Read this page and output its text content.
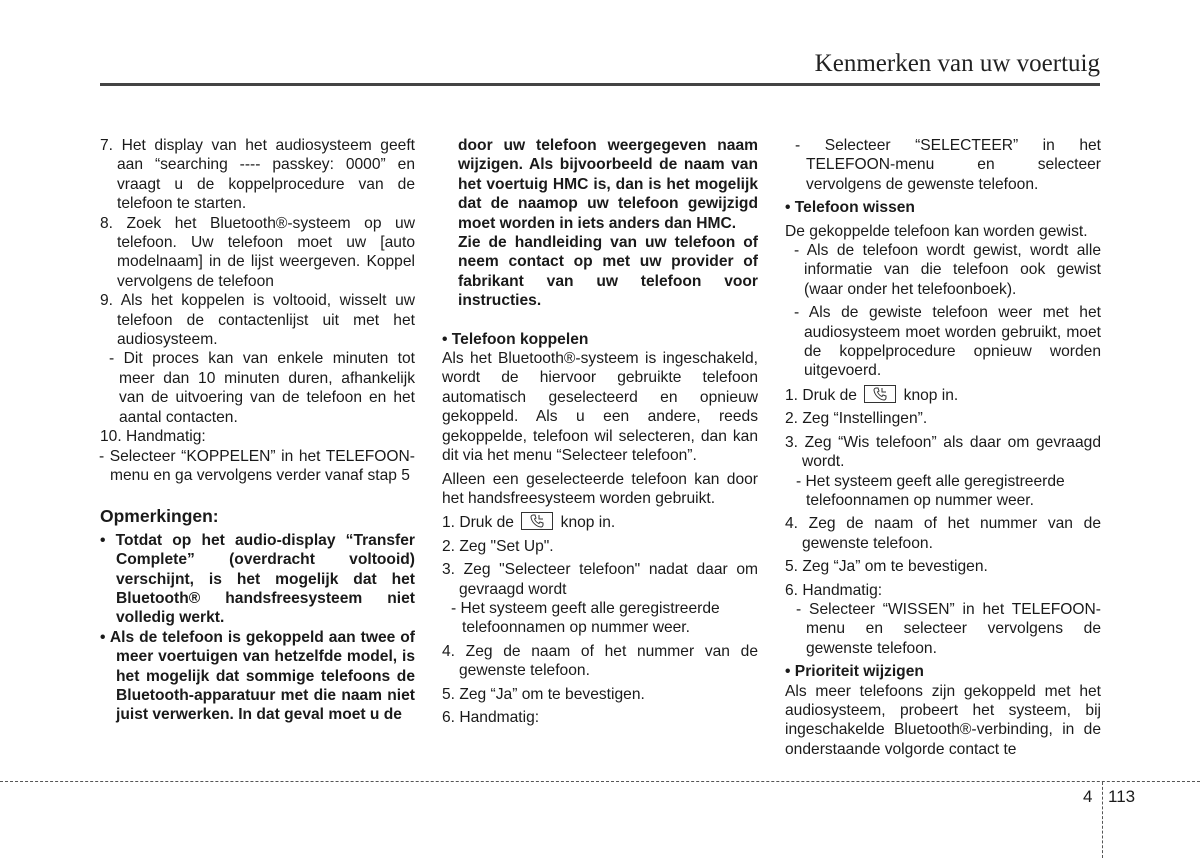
Kenmerken van uw voertuig

7. Het display van het audiosysteem geeft aan “searching ---- passkey: 0000” en vraagt u de koppelprocedure van de telefoon te starten.

8. Zoek het Bluetooth®-systeem op uw telefoon. Uw telefoon moet uw [auto modelnaam] in de lijst weergeven. Koppel vervolgens de telefoon

9. Als het koppelen is voltooid, wisselt uw telefoon de contactenlijst uit met het audiosysteem.

- Dit proces kan van enkele minuten tot meer dan 10 minuten duren, afhankelijk van de uitvoering van de telefoon en het aantal contacten.

10. Handmatig:

- Selecteer “KOPPELEN” in het TELEFOON-menu en ga vervolgens verder vanaf stap 5

Opmerkingen:

• Totdat op het audio-display “Transfer Complete” (overdracht voltooid) verschijnt, is het mogelijk dat het Bluetooth® handsfreesysteem niet volledig werkt.

• Als de telefoon is gekoppeld aan twee of meer voertuigen van hetzelfde model, is het mogelijk dat sommige telefoons de Bluetooth-apparatuur met die naam niet juist verwerken. In dat geval moet u de

door uw telefoon weergegeven naam wijzigen. Als bijvoorbeeld de naam van het voertuig HMC is, dan is het mogelijk dat de naamop uw telefoon gewijzigd moet worden in iets anders dan HMC.

Zie de handleiding van uw telefoon of neem contact op met uw provider of fabrikant van uw telefoon voor instructies.

• Telefoon koppelen

Als het Bluetooth®-systeem is ingeschakeld, wordt de hiervoor gebruikte telefoon automatisch geselecteerd en opnieuw gekoppeld. Als u een andere, reeds gekoppelde, telefoon wil selecteren, dan kan dit via het menu “Selecteer telefoon”.

Alleen een geselecteerde telefoon kan door het handsfreesysteem worden gebruikt.

1. Druk de	knop in.

2. Zeg "Set Up".

3. Zeg "Selecteer telefoon" nadat daar om gevraagd wordt

- Het systeem geeft alle geregistreerde telefoonnamen op nummer weer.

4. Zeg de naam of het nummer van de gewenste telefoon.

5. Zeg “Ja” om te bevestigen.

6. Handmatig:

- Selecteer “SELECTEER” in het TELEFOON-menu en selecteer vervolgens de gewenste telefoon.

• Telefoon wissen

De gekoppelde telefoon kan worden gewist.

- Als de telefoon wordt gewist, wordt alle informatie van die telefoon ook gewist (waar onder het telefoonboek).

- Als de gewiste telefoon weer met het audiosysteem moet worden gebruikt, moet de koppelprocedure opnieuw worden uitgevoerd.

1. Druk de	knop in.

2. Zeg “Instellingen”.

3. Zeg “Wis telefoon” als daar om gevraagd wordt.

- Het systeem geeft alle geregistreerde telefoonnamen op nummer weer.

4. Zeg de naam of het nummer van de gewenste telefoon.

5. Zeg “Ja” om te bevestigen.

6. Handmatig:

- Selecteer “WISSEN” in het TELEFOON-menu en selecteer vervolgens de gewenste telefoon.

• Prioriteit wijzigen

Als meer telefoons zijn gekoppeld met het audiosysteem, probeert het systeem, bij ingeschakelde Bluetooth®-verbinding, in de onderstaande volgorde contact te

4 113
